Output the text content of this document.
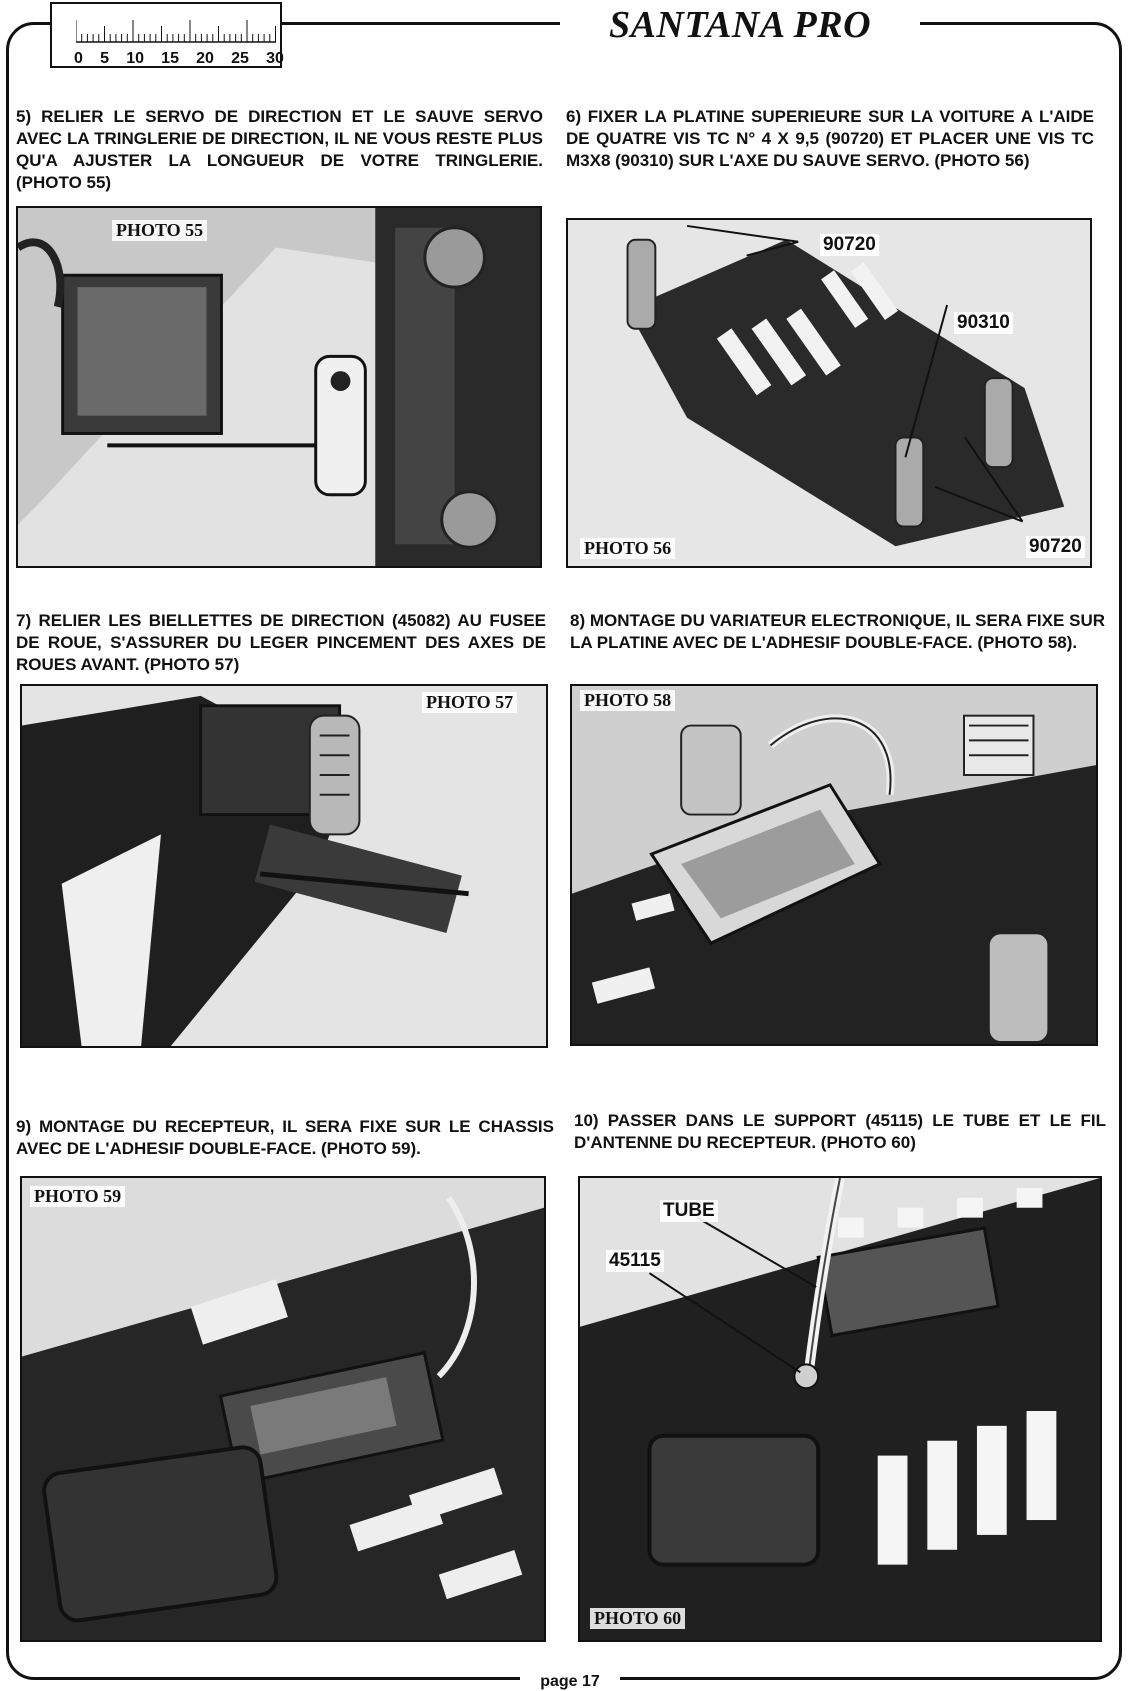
0 5 10 15 20 25 30
SANTANA PRO

5) RELIER LE SERVO DE DIRECTION ET LE SAUVE SERVO AVEC LA TRINGLERIE DE DIRECTION, IL NE VOUS RESTE PLUS QU'A AJUSTER LA LONGUEUR DE VOTRE TRINGLERIE. (PHOTO 55)

6) FIXER LA PLATINE SUPERIEURE SUR LA VOITURE A L'AIDE DE QUATRE VIS TC N° 4 X 9,5 (90720) ET PLACER UNE VIS TC M3X8 (90310) SUR L'AXE DU SAUVE SERVO. (PHOTO 56)

7) RELIER LES BIELLETTES DE DIRECTION (45082) AU FUSEE DE ROUE, S'ASSURER DU LEGER PINCEMENT DES AXES DE ROUES AVANT. (PHOTO 57)

8) MONTAGE DU VARIATEUR ELECTRONIQUE, IL SERA FIXE SUR LA PLATINE AVEC DE L'ADHESIF DOUBLE-FACE. (PHOTO 58).

9) MONTAGE DU RECEPTEUR, IL SERA FIXE SUR LE CHASSIS AVEC DE L'ADHESIF DOUBLE-FACE. (PHOTO 59).

10) PASSER DANS LE SUPPORT (45115) LE TUBE ET LE FIL D'ANTENNE DU RECEPTEUR. (PHOTO 60)

PHOTO 55
90720
90310
90720
PHOTO 56
PHOTO 57	PHOTO 58
PHOTO 59
TUBE
45115
PHOTO 60
page 17
